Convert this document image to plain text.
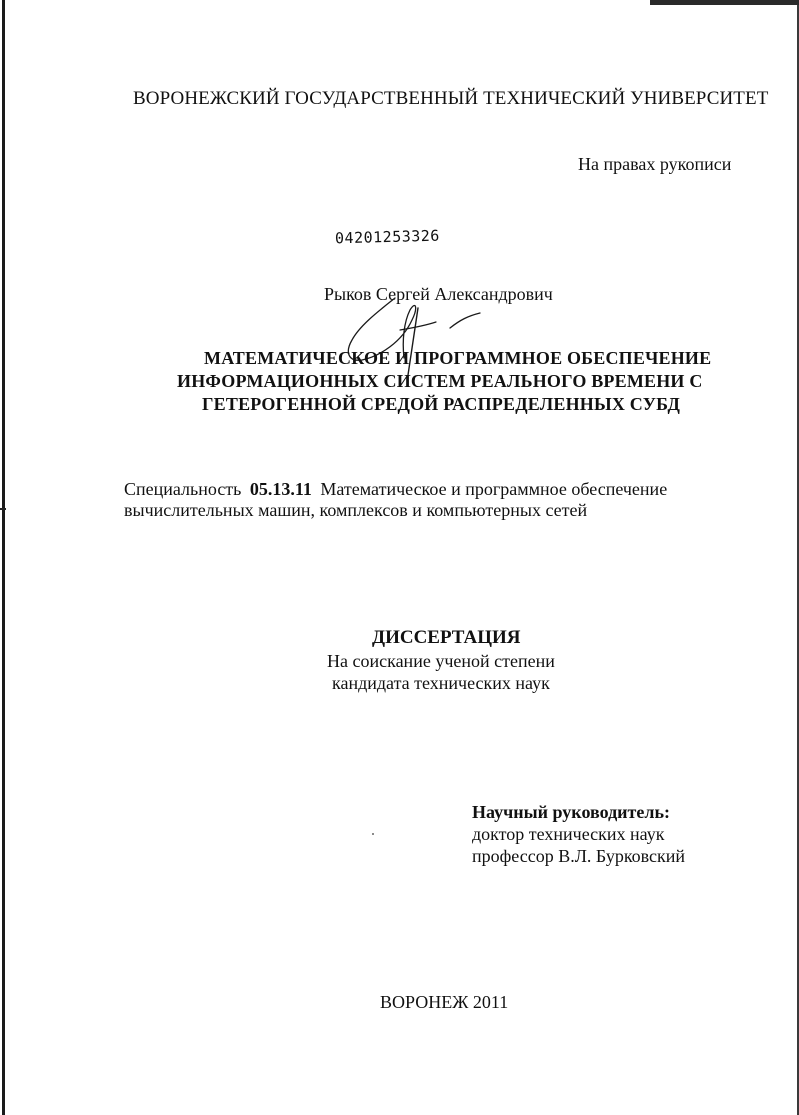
ВОРОНЕЖСКИЙ ГОСУДАРСТВЕННЫЙ ТЕХНИЧЕСКИЙ УНИВЕРСИТЕТ
На правах рукописи
04201253326
Рыков Сергей Александрович
МАТЕМАТИЧЕСКОЕ И ПРОГРАММНОЕ ОБЕСПЕЧЕНИЕ
ИНФОРМАЦИОННЫХ СИСТЕМ РЕАЛЬНОГО ВРЕМЕНИ С
ГЕТЕРОГЕННОЙ СРЕДОЙ РАСПРЕДЕЛЕННЫХ СУБД
Специальность 05.13.11 Математическое и программное обеспечение
вычислительных машин, комплексов и компьютерных сетей
ДИССЕРТАЦИЯ
На соискание ученой степени
кандидата технических наук
Научный руководитель:
доктор технических наук
профессор В.Л. Бурковский
ВОРОНЕЖ 2011
